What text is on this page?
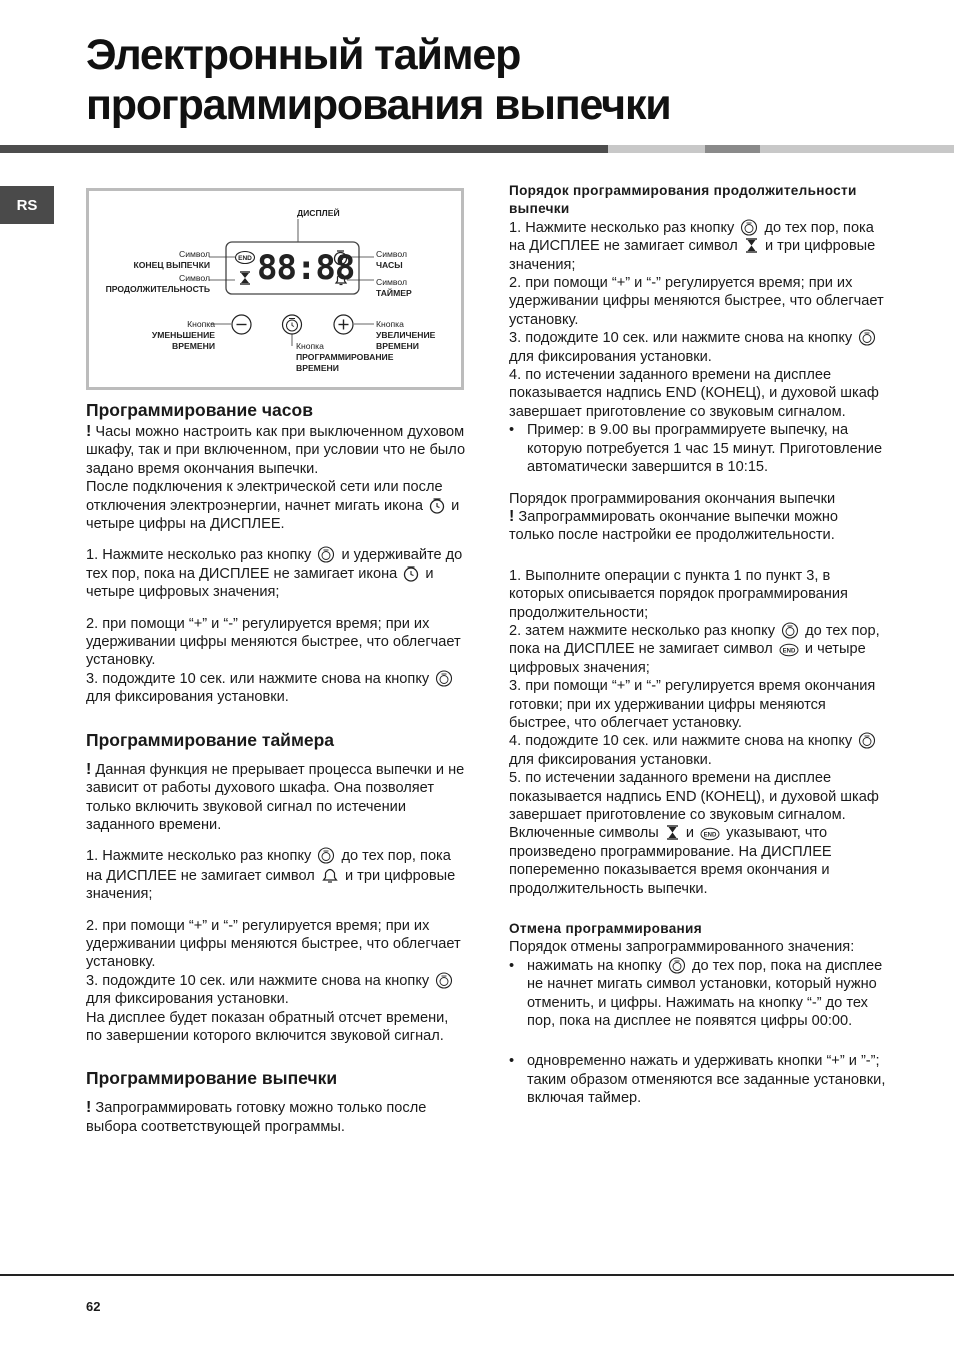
Электронный таймер
программирования выпечки
RS	ДИСПЛЕЙ
END 88:88
Символ
КОНЕЦ ВЫПЕЧКИ
Символ
ПРОДОЛЖИТЕЛЬНОСТЬ
Символ
ЧАСЫ
Символ
ТАЙМЕР
Кнопка
УМЕНЬШЕНИЕ
ВРЕМЕНИ
Кнопка
УВЕЛИЧЕНИЕ
ВРЕМЕНИ
Кнопка
ПРОГРАММИРОВАНИЕ
ВРЕМЕНИ
Программирование часов

! Часы можно настроить как при выключенном духовом шкафу, так и при включенном, при условии что не было задано время окончания выпечки.

После подключения к электрической сети или после отключения электроэнергии, начнет мигать икона и четыре цифры на ДИСПЛЕЕ.

1. Нажмите несколько раз кнопку и удерживайте до тех пор, пока на ДИСПЛЕЕ не замигает икона и четыре цифровых значения;

2. при помощи “+” и “-” регулируется время; при их удерживании цифры меняются быстрее, что облегчает установку.

3. подождите 10 сек. или нажмите снова на кнопку  для фиксирования установки.

Программирование таймера

! Данная функция не прерывает процесса выпечки и не зависит от работы духового шкафа. Она позволяет только включить звуковой сигнал по истечении заданного времени.

1. Нажмите несколько раз кнопку до тех пор, пока на ДИСПЛЕЕ не замигает символ и три цифровые значения;

2. при помощи “+” и “-” регулируется время; при их удерживании цифры меняются быстрее, что облегчает установку.

3. подождите 10 сек. или нажмите снова на кнопку  для фиксирования установки.

На дисплее будет показан обратный отсчет времени, по завершении которого включится звуковой сигнал.

Программирование выпечки

! Запрограммировать готовку можно только после выбора соответствующей программы.

Порядок программирования продолжительности выпечки

1. Нажмите несколько раз кнопку до тех пор, пока на ДИСПЛЕЕ не замигает символ и три цифровые значения;

2. при помощи “+” и “-” регулируется время; при их удерживании цифры меняются быстрее, что облегчает установку.

3. подождите 10 сек. или нажмите снова на кнопку  для фиксирования установки.

4. по истечении заданного времени на дисплее показывается надпись END (КОНЕЦ), и духовой шкаф завершает приготовление со звуковым сигналом.

• Пример: в 9.00 вы программируете выпечку, на которую потребуется 1 час 15 минут. Приготовление автоматически завершится в 10:15.

Порядок программирования окончания выпечки

! Запрограммировать окончание выпечки можно только после настройки ее продолжительности.

1. Выполните операции с пункта 1 по пункт 3, в которых описывается порядок программирования продолжительности;

2. затем нажмите несколько раз кнопку до тех пор, пока на ДИСПЛЕЕ не замигает символ END и четыре цифровых значения;

3. при помощи “+” и “-” регулируется время окончания готовки; при их удерживании цифры меняются быстрее, что облегчает установку.

4. подождите 10 сек. или нажмите снова на кнопку  для фиксирования установки.

5. по истечении заданного времени на дисплее показывается надпись END (КОНЕЦ), и духовой шкаф завершает приготовление со звуковым сигналом.

Включенные символы и END указывают, что произведено программирование. На ДИСПЛЕЕ попеременно показывается время окончания и продолжительность выпечки.

Отмена программирования

Порядок отмены запрограммированного значения:

• нажимать на кнопку до тех пор, пока на дисплее не начнет мигать символ установки, который нужно отменить, и цифры. Нажимать на кнопку “-” до тех пор, пока на дисплее не появятся цифры 00:00.

• одновременно нажать и удерживать кнопки “+” и ”-”; таким образом отменяются все заданные установки, включая таймер.

62
